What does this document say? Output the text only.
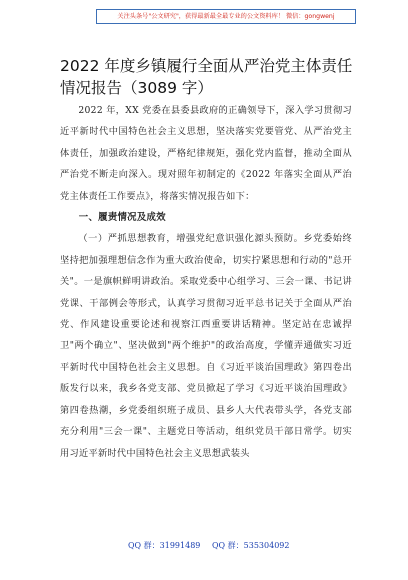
关注头条号"公文研究"，获得最新最全最专业的公文资料库！ 微信：gongwenj
2022 年度乡镇履行全面从严治党主体责任情况报告（3089 字）

2022 年，XX 党委在县委县政府的正确领导下，深入学习贯彻习近平新时代中国特色社会主义思想，坚决落实党要管党、从严治党主体责任，加强政治建设，严格纪律规矩，强化党内监督，推动全面从严治党不断走向深入。现对照年初制定的《2022 年落实全面从严治党主体责任工作要点》，将落实情况报告如下：

一、履责情况及成效

（一）严抓思想教育，增强党纪意识强化源头预防。乡党委始终坚持把加强理想信念作为重大政治使命，切实拧紧思想和行动的"总开关"。一是旗帜鲜明讲政治。采取党委中心组学习、三会一课、书记讲党课、干部例会等形式，认真学习贯彻习近平总书记关于全面从严治党、作风建设重要论述和视察江西重要讲话精神。坚定站在忠诚捍卫"两个确立"、坚决做到"两个维护"的政治高度，学懂弄通做实习近平新时代中国特色社会主义思想。自《习近平谈治国理政》第四卷出版发行以来，我乡各党支部、党员掀起了学习《习近平谈治国理政》第四卷热潮，乡党委组织班子成员、县乡人大代表带头学，各党支部充分利用"三会一课"、主题党日等活动，组织党员干部日常学。切实用习近平新时代中国特色社会主义思想武装头

QQ 群：31991489 QQ 群：535304092
